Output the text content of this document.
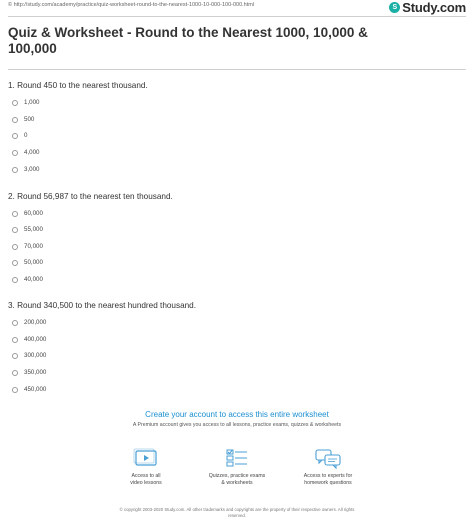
© http://study.com/academy/practice/quiz-worksheet-round-to-the-nearest-1000-10-000-100-000.html	S Study.com
Quiz & Worksheet - Round to the Nearest 1000, 10,000 & 100,000

1. Round 450 to the nearest thousand.

1,000
500
0
4,000
3,000

2. Round 56,987 to the nearest ten thousand.

60,000
55,000
70,000
50,000
40,000

3. Round 340,500 to the nearest hundred thousand.

200,000
400,000
300,000
350,000
450,000
Create your account to access this entire worksheet
A Premium account gives you access to all lessons, practice exams, quizzes & worksheets
Access to all
video lessons
Quizzes, practice exams
& worksheets
Access to experts for
homework questions
© copyright 2003-2020 Study.com. All other trademarks and copyrights are the property of their respective owners. All rights
reserved.
